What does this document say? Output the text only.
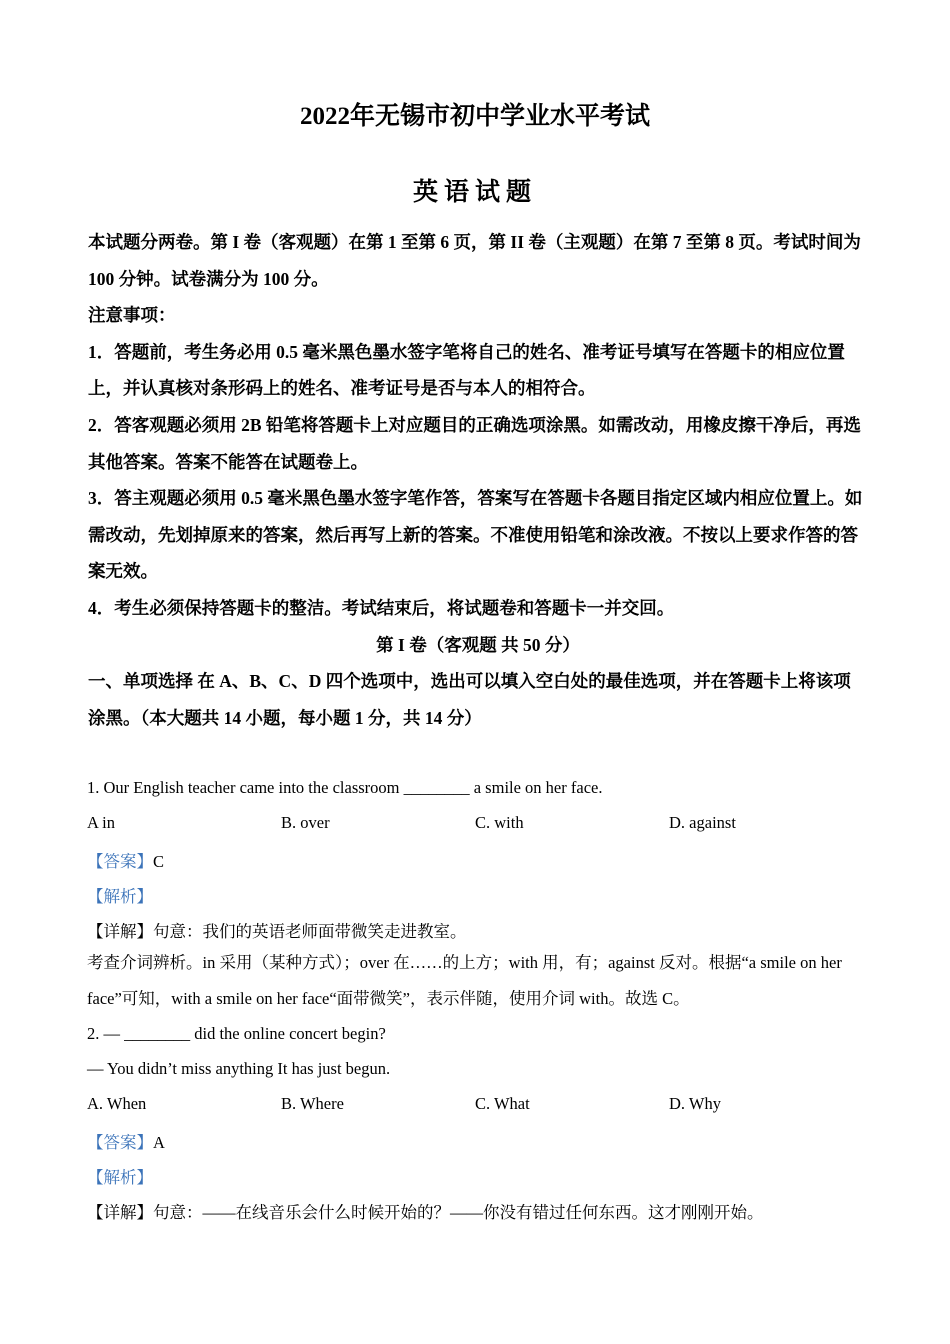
2022年无锡市初中学业水平考试
英语试题

本试题分两卷。第 I 卷（客观题）在第 1 至第 6 页，第 II 卷（主观题）在第 7 至第 8 页。考试时间为 100 分钟。试卷满分为 100 分。

注意事项：

1．答题前，考生务必用 0.5 毫米黑色墨水签字笔将自己的姓名、准考证号填写在答题卡的相应位置上，并认真核对条形码上的姓名、准考证号是否与本人的相符合。

2．答客观题必须用 2B 铅笔将答题卡上对应题目的正确选项涂黑。如需改动，用橡皮擦干净后，再选其他答案。答案不能答在试题卷上。

3．答主观题必须用 0.5 毫米黑色墨水签字笔作答，答案写在答题卡各题目指定区域内相应位置上。如需改动，先划掉原来的答案，然后再写上新的答案。不准使用铅笔和涂改液。不按以上要求作答的答案无效。

4．考生必须保持答题卡的整洁。考试结束后，将试题卷和答题卡一并交回。

第 I 卷（客观题 共 50 分）

一、单项选择 在 A、B、C、D 四个选项中，选出可以填入空白处的最佳选项，并在答题卡上将该项涂黑。（本大题共 14 小题，每小题 1 分，共 14 分）

1. Our English teacher came into the classroom ________ a smile on her face.
A in	B. over	C. with	D. against
【答案】C
【解析】
【详解】句意：我们的英语老师面带微笑走进教室。
考查介词辨析。in 采用（某种方式）；over 在……的上方；with 用，有；against 反对。根据“a smile on her face”可知，with a smile on her face“面带微笑”，表示伴随，使用介词 with。故选 C。
2. — ________ did the online concert begin?
— You didn’t miss anything It has just begun.
A. When	B. Where	C. What	D. Why
【答案】A
【解析】
【详解】句意：——在线音乐会什么时候开始的？——你没有错过任何东西。这才刚刚开始。
